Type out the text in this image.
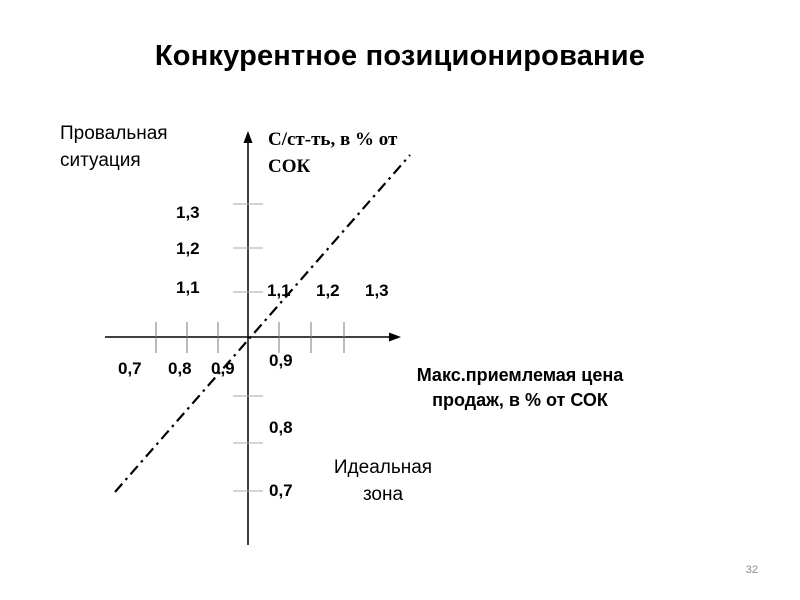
Конкурентное позиционирование
Провальная ситуация
С/ст-ть, в % от СОК
Макс.приемлемая цена продаж, в % от СОК
Идеальная зона
1,1 1,2 1,3
0,7 0,8 0,9
1,1
1,2
1,3
0,9
0,8
0,7
32
